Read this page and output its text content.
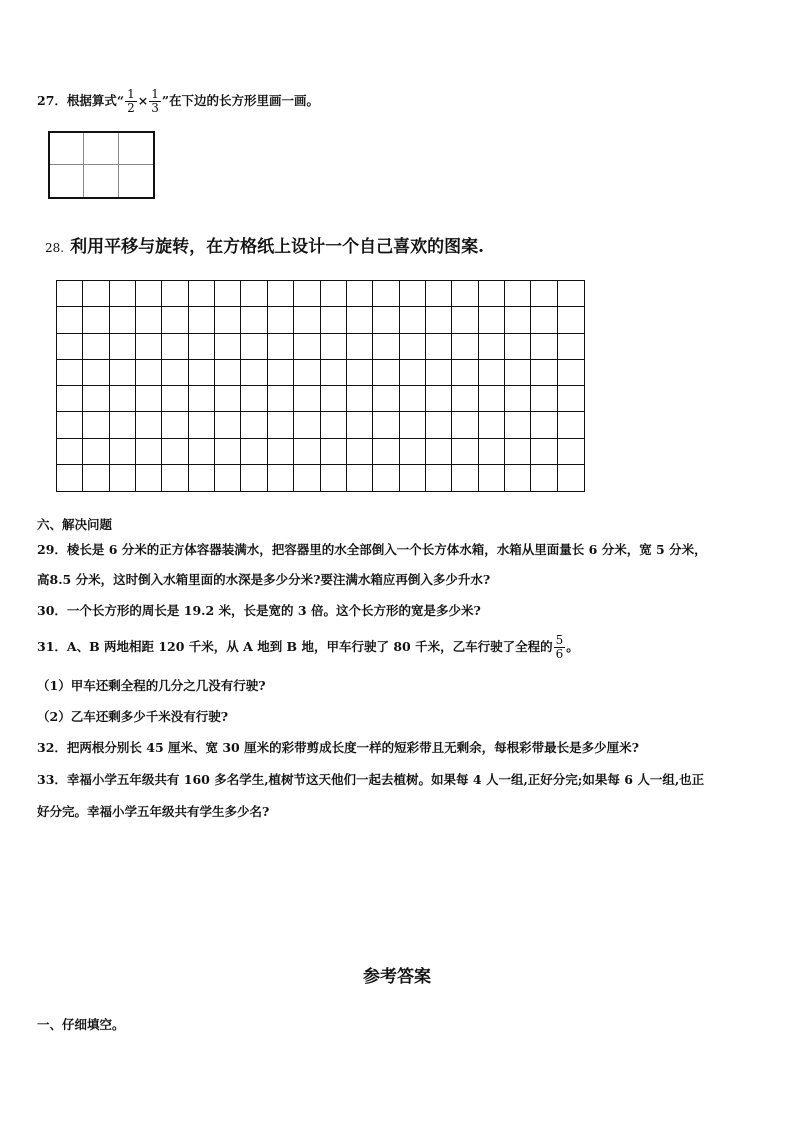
27．根据算式“ $\frac{1}{2} \times \frac{1}{3}$ ”在下边的长方形里画一画。
28. 利用平移与旋转，在方格纸上设计一个自己喜欢的图案.
六、解决问题
29．棱长是 6 分米的正方体容器装满水，把容器里的水全部倒入一个长方体水箱，水箱从里面量长 6 分米，宽 5 分米，
高8.5 分米，这时倒入水箱里面的水深是多少分米?要注满水箱应再倒入多少升水?
30．一个长方形的周长是 19.2 米，长是宽的 3 倍。这个长方形的宽是多少米?
31．A、B 两地相距 120 千米，从 A 地到 B 地，甲车行驶了 80 千米，乙车行驶了全程的 $\frac{5}{6}$ 。
（1）甲车还剩全程的几分之几没有行驶?
（2）乙车还剩多少千米没有行驶?
32．把两根分别长 45 厘米、宽 30 厘米的彩带剪成长度一样的短彩带且无剩余，每根彩带最长是多少厘米?
33．幸福小学五年级共有 160 多名学生,植树节这天他们一起去植树。如果每 4 人一组,正好分完;如果每 6 人一组,也正
好分完。幸福小学五年级共有学生多少名?
参考答案
一、仔细填空。
